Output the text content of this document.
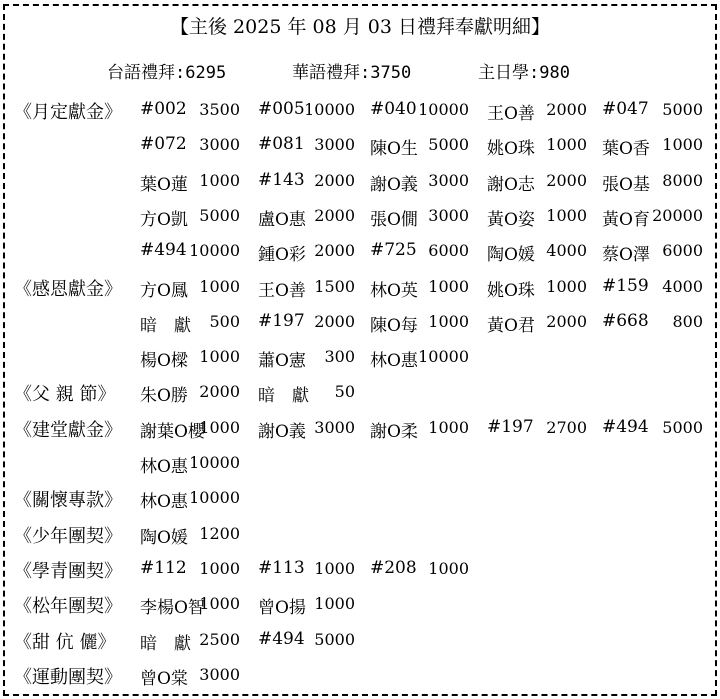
【主後 2025 年 08 月 03 日禮拜奉獻明細】
台語禮拜:6295	華語禮拜:3750	主日學:980
《月定獻金》 #002 3500 #005 10000 #040 10000 王O善 2000 #047 5000
#072 3000 #081 3000 陳O生 5000 姚O珠 1000 葉O香 1000
葉O蓮 1000 #143 2000 謝O義 3000 謝O志 2000 張O基 8000
方O凱 5000 盧O惠 2000 張O僩 3000 黃O姿 1000 黃O育 20000
#494 10000 鍾O彩 2000 #725 6000 陶O媛 4000 蔡O澤 6000
《感恩獻金》 方O鳳 1000 王O善 1500 林O英 1000 姚O珠 1000 #159 4000
暗　獻 500 #197 2000 陳O每 1000 黃O君 2000 #668 800
楊O樑 1000 蕭O憲 300 林O惠 10000
《父 親 節》 朱O勝 2000 暗　獻 50
《建堂獻金》 謝葉O櫻
1000 謝O義 3000 謝O柔 1000 #197 2700 #494 5000
林O惠 10000
《關懷專款》 林O惠 10000
《少年團契》 陶O媛 1200
《學青團契》 #112 1000 #113 1000 #208 1000
《松年團契》 李楊O智
1000 曾O揚 1000
《甜 伉 儷》 暗　獻 2500 #494 5000
《運動團契》 曾O棠 3000
